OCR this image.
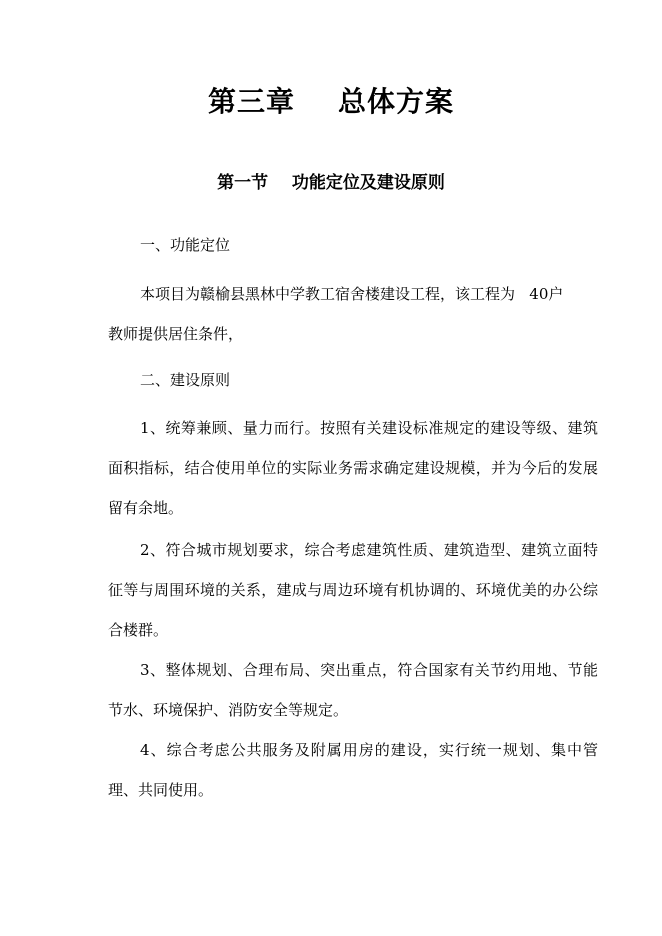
第三章    总体方案
第一节    功能定位及建设原则
一、功能定位
本项目为赣榆县黑林中学教工宿舍楼建设工程，该工程为   40户
教师提供居住条件，
二、建设原则
1、统筹兼顾、量力而行。按照有关建设标准规定的建设等级、建筑面积指标，结合使用单位的实际业务需求确定建设规模，并为今后的发展留有余地。
2、符合城市规划要求，综合考虑建筑性质、建筑造型、建筑立面特征等与周围环境的关系，建成与周边环境有机协调的、环境优美的办公综合楼群。
3、整体规划、合理布局、突出重点，符合国家有关节约用地、节能节水、环境保护、消防安全等规定。
4、综合考虑公共服务及附属用房的建设，实行统一规划、集中管理、共同使用。
